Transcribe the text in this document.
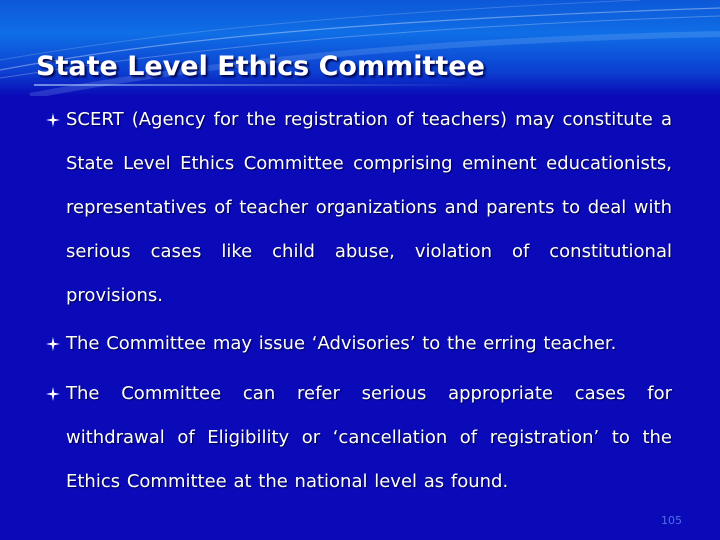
State Level Ethics Committee
SCERT (Agency for the registration of teachers) may constitute a State Level Ethics Committee comprising eminent educationists, representatives of teacher organizations and parents to deal with serious cases like child abuse, violation of constitutional provisions.
The Committee may issue ‘Advisories’ to the erring teacher.
The Committee can refer serious appropriate cases for withdrawal of Eligibility or ‘cancellation of registration’ to the Ethics Committee at the national level as found.
105
